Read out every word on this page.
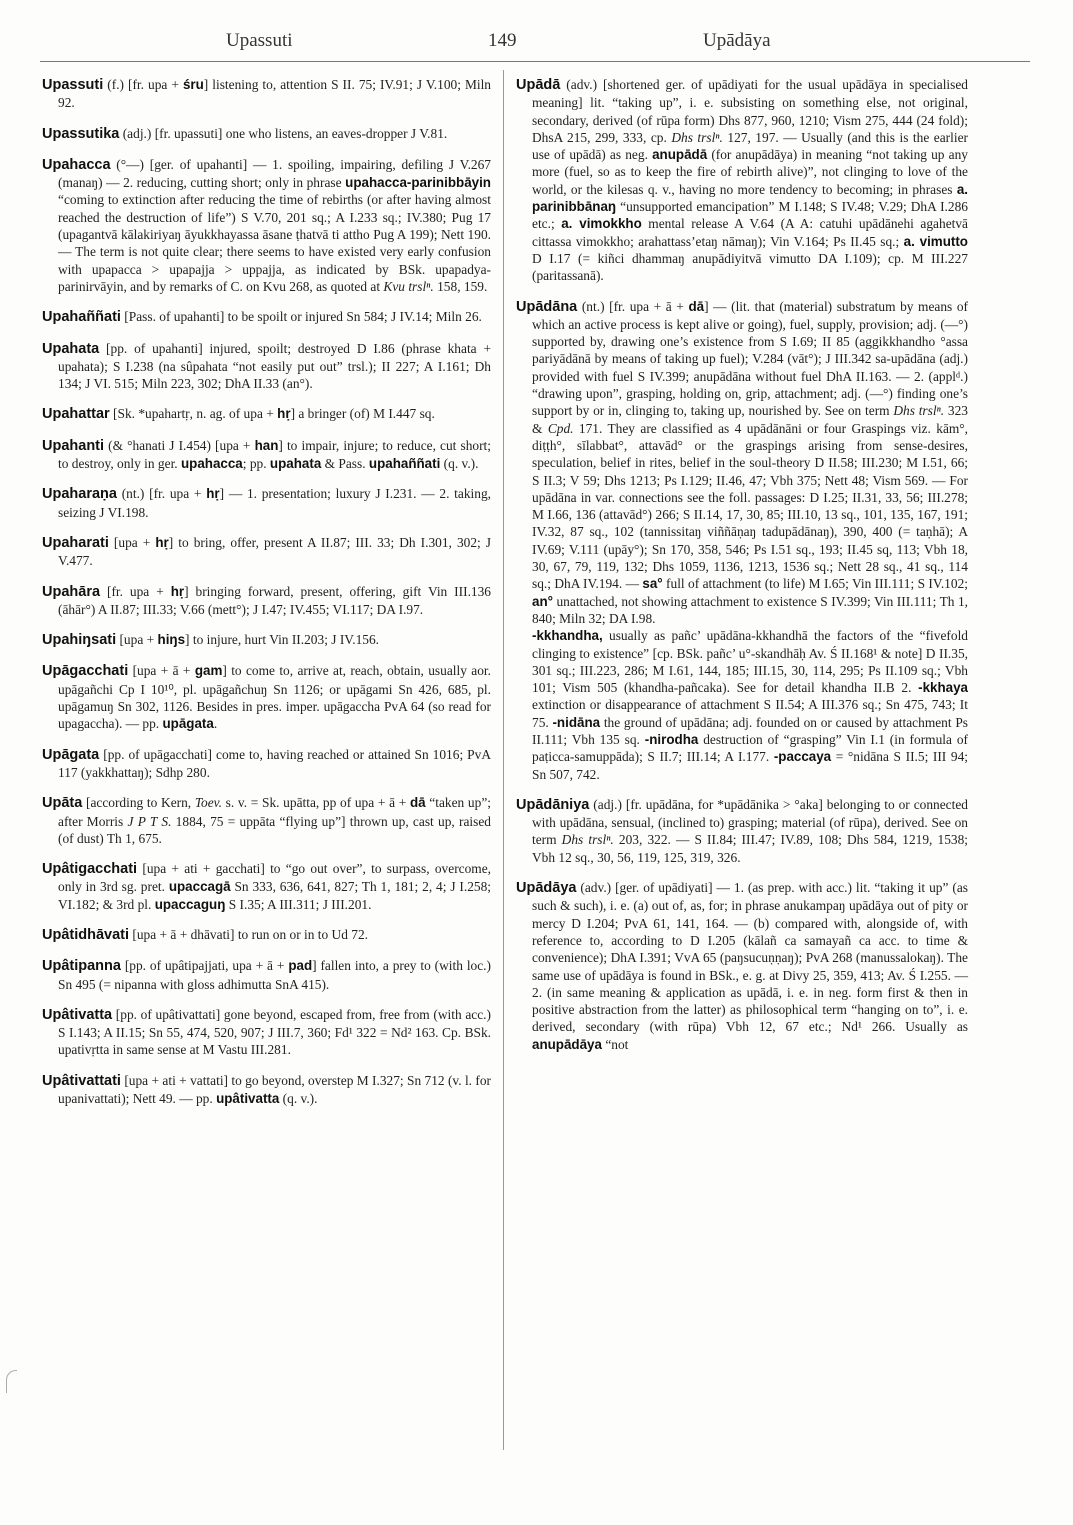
Upassuti	149	Upādāya

Upassuti (f.) [fr. upa + śru] listening to, attention S II. 75; IV.91; J V.100; Miln 92.

Upassutika (adj.) [fr. upassuti] one who listens, an eaves-dropper J V.81.

Upahacca (°—) [ger. of upahanti] — 1. spoiling, impairing, defiling J V.267 (manaŋ) — 2. reducing, cutting short; only in phrase upahacca-parinibbāyin “coming to extinction after reducing the time of rebirths (or after having almost reached the destruction of life”) S V.70, 201 sq.; A I.233 sq.; IV.380; Pug 17 (upagantvā kālakiriyaŋ āyukkhayassa āsane ṭhatvā ti attho Pug A 199); Nett 190. — The term is not quite clear; there seems to have existed very early confusion with upapacca > upapajja > uppajja, as indicated by BSk. upapadya-parinirvāyin, and by remarks of C. on Kvu 268, as quoted at Kvu trslⁿ. 158, 159.

Upahaññati [Pass. of upahanti] to be spoilt or injured Sn 584; J IV.14; Miln 26.

Upahata [pp. of upahanti] injured, spoilt; destroyed D I.86 (phrase khata + upahata); S I.238 (na sûpahata “not easily put out” trsl.); II 227; A I.161; Dh 134; J VI. 515; Miln 223, 302; DhA II.33 (an°).

Upahattar [Sk. *upahartṛ, n. ag. of upa + hṛ] a bringer (of) M I.447 sq.

Upahanti (& °hanati J I.454) [upa + han] to impair, injure; to reduce, cut short; to destroy, only in ger. upahacca; pp. upahata & Pass. upahaññati (q. v.).

Upaharaṇa (nt.) [fr. upa + hṛ] — 1. presentation; luxury J I.231. — 2. taking, seizing J VI.198.

Upaharati [upa + hṛ] to bring, offer, present A II.87; III. 33; Dh I.301, 302; J V.477.

Upahāra [fr. upa + hṛ] bringing forward, present, offering, gift Vin III.136 (āhār°) A II.87; III.33; V.66 (mett°); J I.47; IV.455; VI.117; DA I.97.

Upahiŋsati [upa + hiŋs] to injure, hurt Vin II.203; J IV.156.

Upāgacchati [upa + ā + gam] to come to, arrive at, reach, obtain, usually aor. upāgañchi Cp I 10¹⁰, pl. upāgañchuŋ Sn 1126; or upāgami Sn 426, 685, pl. upāgamuŋ Sn 302, 1126. Besides in pres. imper. upāgaccha PvA 64 (so read for upagaccha). — pp. upāgata.

Upāgata [pp. of upāgacchati] come to, having reached or attained Sn 1016; PvA 117 (yakkhattaŋ); Sdhp 280.

Upāta [according to Kern, Toev. s. v. = Sk. upātta, pp of upa + ā + dā “taken up”; after Morris J P T S. 1884, 75 = uppāta “flying up”] thrown up, cast up, raised (of dust) Th 1, 675.

Upâtigacchati [upa + ati + gacchati] to “go out over”, to surpass, overcome, only in 3rd sg. pret. upaccagā Sn 333, 636, 641, 827; Th 1, 181; 2, 4; J I.258; VI.182; & 3rd pl. upaccaguŋ S I.35; A III.311; J III.201.

Upâtidhāvati [upa + ā + dhāvati] to run on or in to Ud 72.

Upâtipanna [pp. of upâtipajjati, upa + ā + pad] fallen into, a prey to (with loc.) Sn 495 (= nipanna with gloss adhimutta SnA 415).

Upâtivatta [pp. of upâtivattati] gone beyond, escaped from, free from (with acc.) S I.143; A II.15; Sn 55, 474, 520, 907; J III.7, 360; Fd¹ 322 = Nd² 163. Cp. BSk. upativṛtta in same sense at M Vastu III.281.

Upâtivattati [upa + ati + vattati] to go beyond, overstep M I.327; Sn 712 (v. l. for upanivattati); Nett 49. — pp. upâtivatta (q. v.).

Upādā (adv.) [shortened ger. of upādiyati for the usual upādāya in specialised meaning] lit. “taking up”, i. e. subsisting on something else, not original, secondary, derived (of rūpa form) Dhs 877, 960, 1210; Vism 275, 444 (24 fold); DhsA 215, 299, 333, cp. Dhs trslⁿ. 127, 197. — Usually (and this is the earlier use of upādā) as neg. anupādā (for anupādāya) in meaning “not taking up any more (fuel, so as to keep the fire of rebirth alive)”, not clinging to love of the world, or the kilesas q. v., having no more tendency to becoming; in phrases a. parinibbānaŋ “unsupported emancipation” M I.148; S IV.48; V.29; DhA I.286 etc.; a. vimokkho mental release A V.64 (A A: catuhi upādānehi agahetvā cittassa vimokkho; arahattass’etaŋ nāmaŋ); Vin V.164; Ps II.45 sq.; a. vimutto D I.17 (= kiñci dhammaŋ anupādiyitvā vimutto DA I.109); cp. M III.227 (paritassanā).

Upādāna (nt.) [fr. upa + ā + dā] — (lit. that (material) substratum by means of which an active process is kept alive or going), fuel, supply, provision; adj. (—°) supported by, drawing one’s existence from S I.69; II 85 (aggikkhandho °assa pariyādānā by means of taking up fuel); V.284 (vāt°); J III.342 sa-upādāna (adj.) provided with fuel S IV.399; anupādāna without fuel DhA II.163. — 2. (applᵈ.) “drawing upon”, grasping, holding on, grip, attachment; adj. (—°) finding one’s support by or in, clinging to, taking up, nourished by. See on term Dhs trslⁿ. 323 & Cpd. 171. They are classified as 4 upādānāni or four Graspings viz. kām°, diṭṭh°, sīlabbat°, attavād° or the graspings arising from sense-desires, speculation, belief in rites, belief in the soul-theory D II.58; III.230; M I.51, 66; S II.3; V 59; Dhs 1213; Ps I.129; II.46, 47; Vbh 375; Nett 48; Vism 569. — For upādāna in var. connections see the foll. passages: D I.25; II.31, 33, 56; III.278; M I.66, 136 (attavād°) 266; S II.14, 17, 30, 85; III.10, 13 sq., 101, 135, 167, 191; IV.32, 87 sq., 102 (tannissitaŋ viññāṇaŋ tadupādānaŋ), 390, 400 (= taṇhā); A IV.69; V.111 (upāy°); Sn 170, 358, 546; Ps I.51 sq., 193; II.45 sq, 113; Vbh 18, 30, 67, 79, 119, 132; Dhs 1059, 1136, 1213, 1536 sq.; Nett 28 sq., 41 sq., 114 sq.; DhA IV.194. — sa° full of attachment (to life) M I.65; Vin III.111; S IV.102; an° unattached, not showing attachment to existence S IV.399; Vin III.111; Th 1, 840; Miln 32; DA I.98.

-kkhandha, usually as pañc’ upādāna-kkhandhā the factors of the “fivefold clinging to existence” [cp. BSk. pañc’ u°-skandhāḥ Av. Ś II.168¹ & note] D II.35, 301 sq.; III.223, 286; M I.61, 144, 185; III.15, 30, 114, 295; Ps II.109 sq.; Vbh 101; Vism 505 (khandha-pañcaka). See for detail khandha II.B 2. -kkhaya extinction or disappearance of attachment S II.54; A III.376 sq.; Sn 475, 743; It 75. -nidāna the ground of upādāna; adj. founded on or caused by attachment Ps II.111; Vbh 135 sq. -nirodha destruction of “grasping” Vin I.1 (in formula of paṭicca-samuppāda); S II.7; III.14; A I.177. -paccaya = °nidāna S II.5; III 94; Sn 507, 742.

Upādāniya (adj.) [fr. upādāna, for *upādānika > °aka] belonging to or connected with upādāna, sensual, (inclined to) grasping; material (of rūpa), derived. See on term Dhs trslⁿ. 203, 322. — S II.84; III.47; IV.89, 108; Dhs 584, 1219, 1538; Vbh 12 sq., 30, 56, 119, 125, 319, 326.

Upādāya (adv.) [ger. of upādiyati] — 1. (as prep. with acc.) lit. “taking it up” (as such & such), i. e. (a) out of, as, for; in phrase anukampaŋ upādāya out of pity or mercy D I.204; PvA 61, 141, 164. — (b) compared with, alongside of, with reference to, according to D I.205 (kālañ ca samayañ ca acc. to time & convenience); DhA I.391; VvA 65 (paŋsucuṇṇaŋ); PvA 268 (manussalokaŋ). The same use of upādāya is found in BSk., e. g. at Divy 25, 359, 413; Av. Ś I.255. — 2. (in same meaning & application as upādā, i. e. in neg. form first & then in positive abstraction from the latter) as philosophical term “hanging on to”, i. e. derived, secondary (with rūpa) Vbh 12, 67 etc.; Nd¹ 266. Usually as anupādāya “not
